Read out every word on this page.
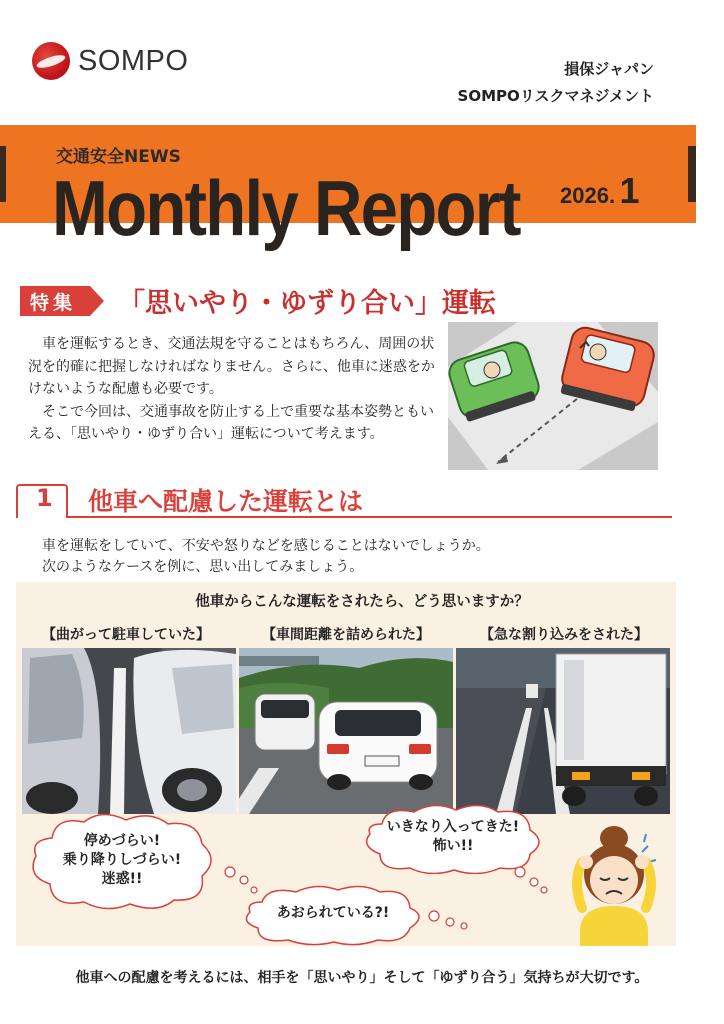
SOMPO	損保ジャパン
SOMPOリスクマネジメント
交通安全NEWS
Monthly Report 2026. 1
特集	「思いやり・ゆずり合い」運転

車を運転するとき、交通法規を守ることはもちろん、周囲の状況を的確に把握しなければなりません。さらに、他車に迷惑をかけないような配慮も必要です。

そこで今回は、交通事故を防止する上で重要な基本姿勢ともいえる、「思いやり・ゆずり合い」運転について考えます。

1 他車へ配慮した運転とは
車を運転をしていて、不安や怒りなどを感じることはないでしょうか。
次のようなケースを例に、思い出してみましょう。
他車からこんな運転をされたら、どう思いますか？
【曲がって駐車していた】	【車間距離を詰められた】	【急な割り込みをされた】
停めづらい!
乗り降りしづらい!
迷惑!!
いきなり入ってきた!
怖い!!
あおられている?!
他車への配慮を考えるには、相手を「思いやり」そして「ゆずり合う」気持ちが大切です。
